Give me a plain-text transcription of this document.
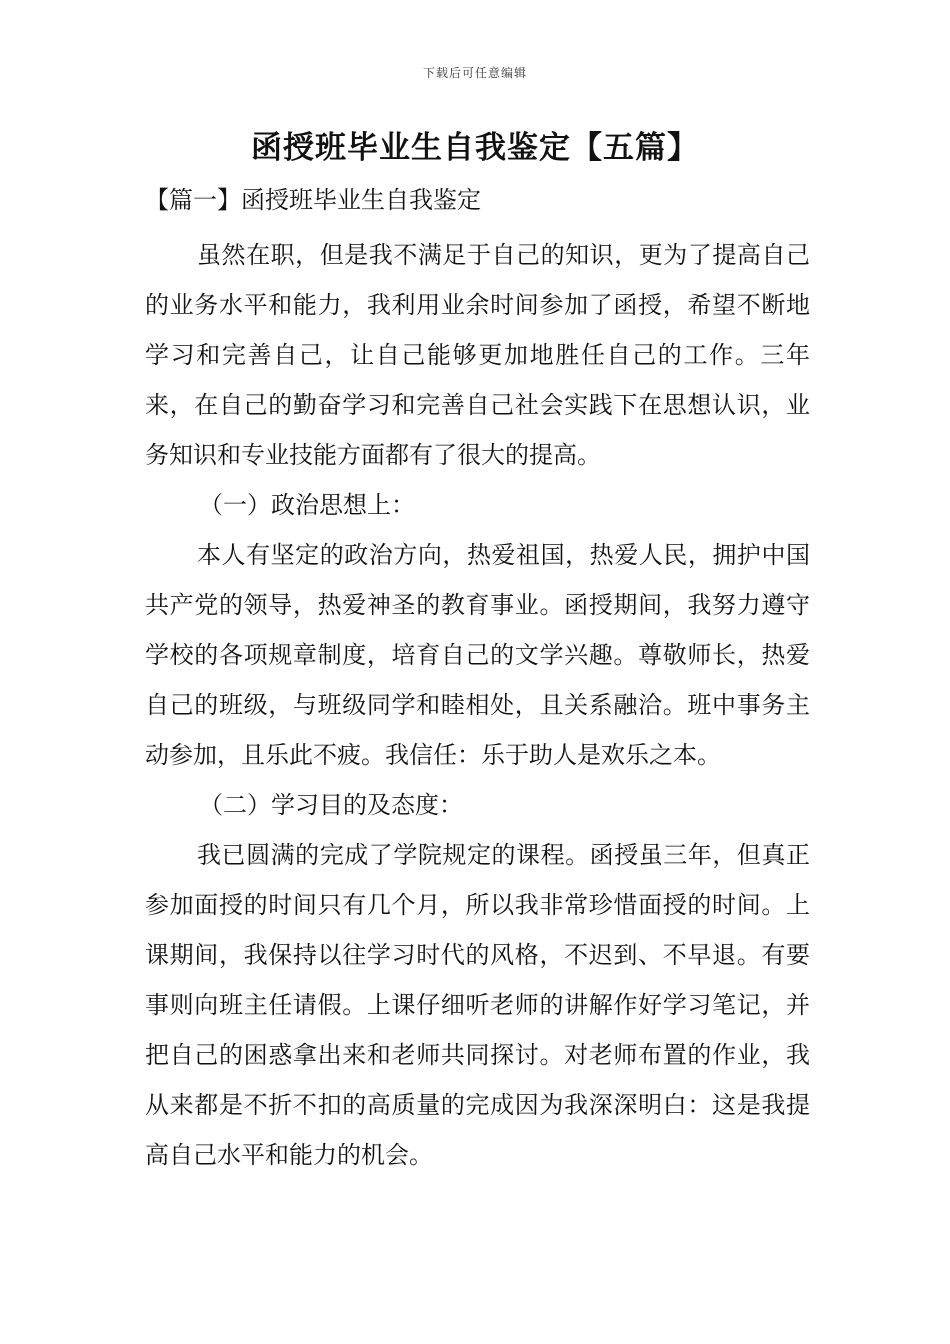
下载后可任意编辑
函授班毕业生自我鉴定【五篇】

【篇一】函授班毕业生自我鉴定

虽然在职，但是我不满足于自己的知识，更为了提高自己的业务水平和能力，我利用业余时间参加了函授，希望不断地学习和完善自己，让自己能够更加地胜任自己的工作。三年来，在自己的勤奋学习和完善自己社会实践下在思想认识，业务知识和专业技能方面都有了很大的提高。

（一）政治思想上：

本人有坚定的政治方向，热爱祖国，热爱人民，拥护中国共产党的领导，热爱神圣的教育事业。函授期间，我努力遵守学校的各项规章制度，培育自己的文学兴趣。尊敬师长，热爱自己的班级，与班级同学和睦相处，且关系融洽。班中事务主动参加，且乐此不疲。我信任：乐于助人是欢乐之本。

（二）学习目的及态度：

我已圆满的完成了学院规定的课程。函授虽三年，但真正参加面授的时间只有几个月，所以我非常珍惜面授的时间。上课期间，我保持以往学习时代的风格，不迟到、不早退。有要事则向班主任请假。上课仔细听老师的讲解作好学习笔记，并把自己的困惑拿出来和老师共同探讨。对老师布置的作业，我从来都是不折不扣的高质量的完成因为我深深明白：这是我提高自己水平和能力的机会。
